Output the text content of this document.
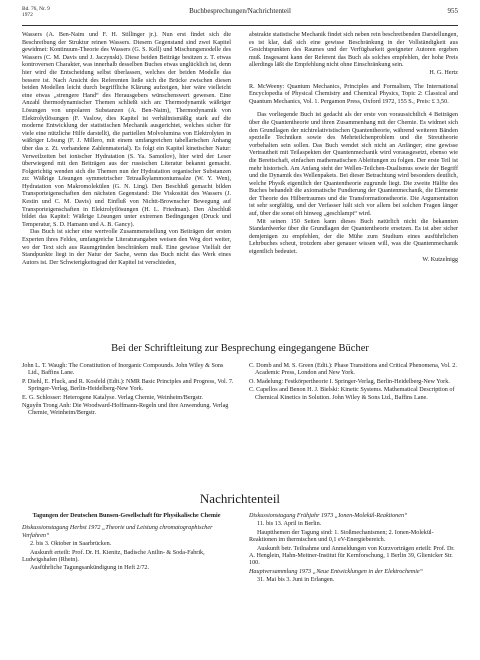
Bd. 76, Nr. 9
1972	Buchbesprechungen/Nachrichtenteil	955

Wassers (A. Ben-Naim und F. H. Stillinger jr.). Nun erst findet sich die Beschreibung der Struktur reinen Wassers. Diesem Gegenstand sind zwei Kapitel gewidmet: Kontinuum-Theorie des Wassers (G. S. Kell) und Mischungsmodelle des Wassers (C. M. Davis und J. Jaczynski). Diese beiden Beiträge besitzen z. T. etwas kontroversen Charakter, was innerhalb desselben Buches etwas unglücklich ist, denn hier wird die Entscheidung selbst überlassen, welches der beiden Modelle das bessere ist. Nach Ansicht des Referenten ließe sich die Brücke zwischen diesen beiden Modellen leicht durch begriffliche Klärung aufzeigen, hier wäre vielleicht eine etwas „strengere Hand“ des Herausgebers wünschenswert gewesen. Eine Anzahl thermodynamischer Themen schließt sich an: Thermodynamik wäßriger Lösungen von unpolaren Substanzen (A. Ben-Naim), Thermodynamik von Elektrolytlösungen (F. Vaslow, dies Kapitel ist verhältnismäßig stark auf die moderne Entwicklung der statistischen Mechanik ausgerichtet, welches sicher für viele eine nützliche Hilfe darstellt), die partiellen Molvolumina von Elektrolyten in wäßriger Lösung (F. J. Millero, mit einem umfangreichen tabellarischen Anhang über das z. Zt. vorhandene Zahlenmaterial). Es folgt ein Kapitel kinetischer Natur: Verweilzeiten bei ionischer Hydratation (S. Ya. Samoilov), hier wird der Leser überwiegend mit den Beiträgen aus der russischen Literatur bekannt gemacht. Folgerichtig wenden sich die Themen nun der Hydratation organischer Substanzen zu: Wäßrige Lösungen symmetrischer Tetraalkylammoniumsalze (W. Y. Wen), Hydratation von Makromolekülen (G. N. Ling). Den Beschluß gemacht bilden Transporteigenschaften den nächsten Gegenstand: Die Viskosität des Wassers (J. Kestin und C. M. Davis) und Einfluß von Nichtt-Brownscher Bewegung auf Transporteigenschaften in Elektrolytlösungen (H. L. Friedman). Den Abschluß bildet das Kapitel: Wäßrige Lösungen unter extremen Bedingungen (Druck und Temperatur, S. D. Hamann und A. B. Gancy).

Das Buch ist sicher eine wertvolle Zusammenstellung von Beiträgen der ersten Experten ihres Feldes, umfangreiche Literaturangaben weisen den Weg dort weiter, wo der Text sich aus Raumgründen beschränken muß. Eine gewisse Vielfalt der Standpunkte liegt in der Natur der Sache, wenn das Buch nicht das Werk eines Autors ist. Der Schwierigkeitsgrad der Kapitel ist verschieden,

abstrakte statistische Mechanik findet sich neben rein beschreibenden Darstellungen, es ist klar, daß sich eine gewisse Beschränkung in der Vollständigkeit aus Gesichtspunkten des Raumes und der Verfügbarkeit geeigneter Autoren ergeben muß. Insgesamt kann der Referent das Buch als solches empfehlen, der hohe Preis allerdings läßt die Empfehlung nicht ohne Einschränkung sein.

H. G. Hertz

R. McWeeny: Quantum Mechanics, Principles and Formalism, The International Encyclopedia of Physical Chemistry and Chemical Physics, Topic 2: Classical and Quantum Mechanics, Vol. 1. Pergamon Press, Oxford 1972, 155 S., Preis: £ 3,50.

Das vorliegende Buch ist gedacht als der erste von voraussichtlich 4 Beiträgen über die Quantentheorie und ihren Zusammenhang mit der Chemie. Es widmet sich den Grundlagen der nichtrelativistischen Quantentheorie, während weiteren Bänden spezielle Techniken sowie des Mehrteilchenproblem und die Streutheorie vorbehalten sein sollen. Das Buch wendet sich nicht an Anfänger; eine gewisse Vertrautheit mit Teilaspekten der Quantenmechanik wird vorausgesetzt, ebenso wie die Bereitschaft, einfachen mathematischen Ableitungen zu folgen. Der erste Teil ist mehr historisch. Am Anfang steht der Wellen-Teilchen-Dualismus sowie der Begriff und die Dynamik des Wellenpakets. Bei dieser Betrachtung wird besonders deutlich, welche Physik eigentlich der Quantentheorie zugrunde liegt. Die zweite Hälfte des Buches behandelt die axiomatische Fundierung der Quantenmechanik, die Elemente der Theorie des Hilbertraumes und die Transformationstheorie. Die Argumentation ist sehr sorgfältig, und der Verfasser hält sich vor allem bei solchen Fragen länger auf, über die sonst oft hinweg „geschlampt“ wird.

Mit seinen 150 Seiten kann dieses Buch natürlich nicht die bekannten Standardwerke über die Grundlagen der Quantentheorie ersetzen. Es ist aber sicher demjenigen zu empfehlen, der die Mühe zum Studium eines ausführlichen Lehrbuches scheut, trotzdem aber genauer wissen will, was die Quantenmechanik eigentlich bedeutet.

W. Kutzelnigg
Bei der Schriftleitung zur Besprechung eingegangene Bücher

John L. T. Waugh: The Constitution of Inorganic Compounds. John Wiley & Sons Ltd., Baffins Lane.

P. Diehl, E. Fluck, and R. Kosfeld (Edit.): NMR Basic Principles and Progress, Vol. 7. Springer-Verlag, Berlin-Heidelberg-New York.

E. G. Schlosser: Heterogene Katalyse. Verlag Chemie, Weinheim/Bergstr.

Nguyên Trong Anh: Die Woodward-Hoffmann-Regeln und ihre Anwendung. Verlag Chemie, Weinheim/Bergstr.

C. Domb and M. S. Green (Edit.): Phase Transitions and Critical Phenomena, Vol. 2. Academic Press, London and New York.

O. Madelung: Festkörpertheorie I. Springer-Verlag, Berlin-Heidelberg-New York.

C. Capellos and Benon H. J. Bielski: Kinetic Systems. Mathematical Description of Chemical Kinetics in Solution. John Wiley & Sons Ltd., Baffins Lane.

Nachrichtenteil
Tagungen der Deutschen Bunsen-Gesellschaft für Physikalische Chemie

Diskussionstagung Herbst 1972 „Theorie und Leistung chromatographischer Verfahren“

2. bis 3. Oktober in Saarbrücken.

Auskunft erteilt: Prof. Dr. H. Kienitz, Badische Anilin- & Soda-Fabrik, Ludwigshafen (Rhein).

Ausführliche Tagungsankündigung in Heft 2/72.

Diskussionstagung Frühjahr 1973 „Ionen-Molekül-Reaktionen“

11. bis 13. April in Berlin.

Hauptthemen der Tagung sind: 1. Stoßmechanismen; 2. Ionen-Molekül-Reaktionen im thermischen und 0,1 eV-Energiebereich.

Auskunft betr. Teilnahme und Anmeldungen von Kurzvorträgen erteilt: Prof. Dr. A. Henglein, Hahn-Meitner-Institut für Kernforschung, 1 Berlin 39, Glienicker Str. 100.

Hauptversammlung 1973 „Neue Entwicklungen in der Elektrochemie“

31. Mai bis 3. Juni in Erlangen.
